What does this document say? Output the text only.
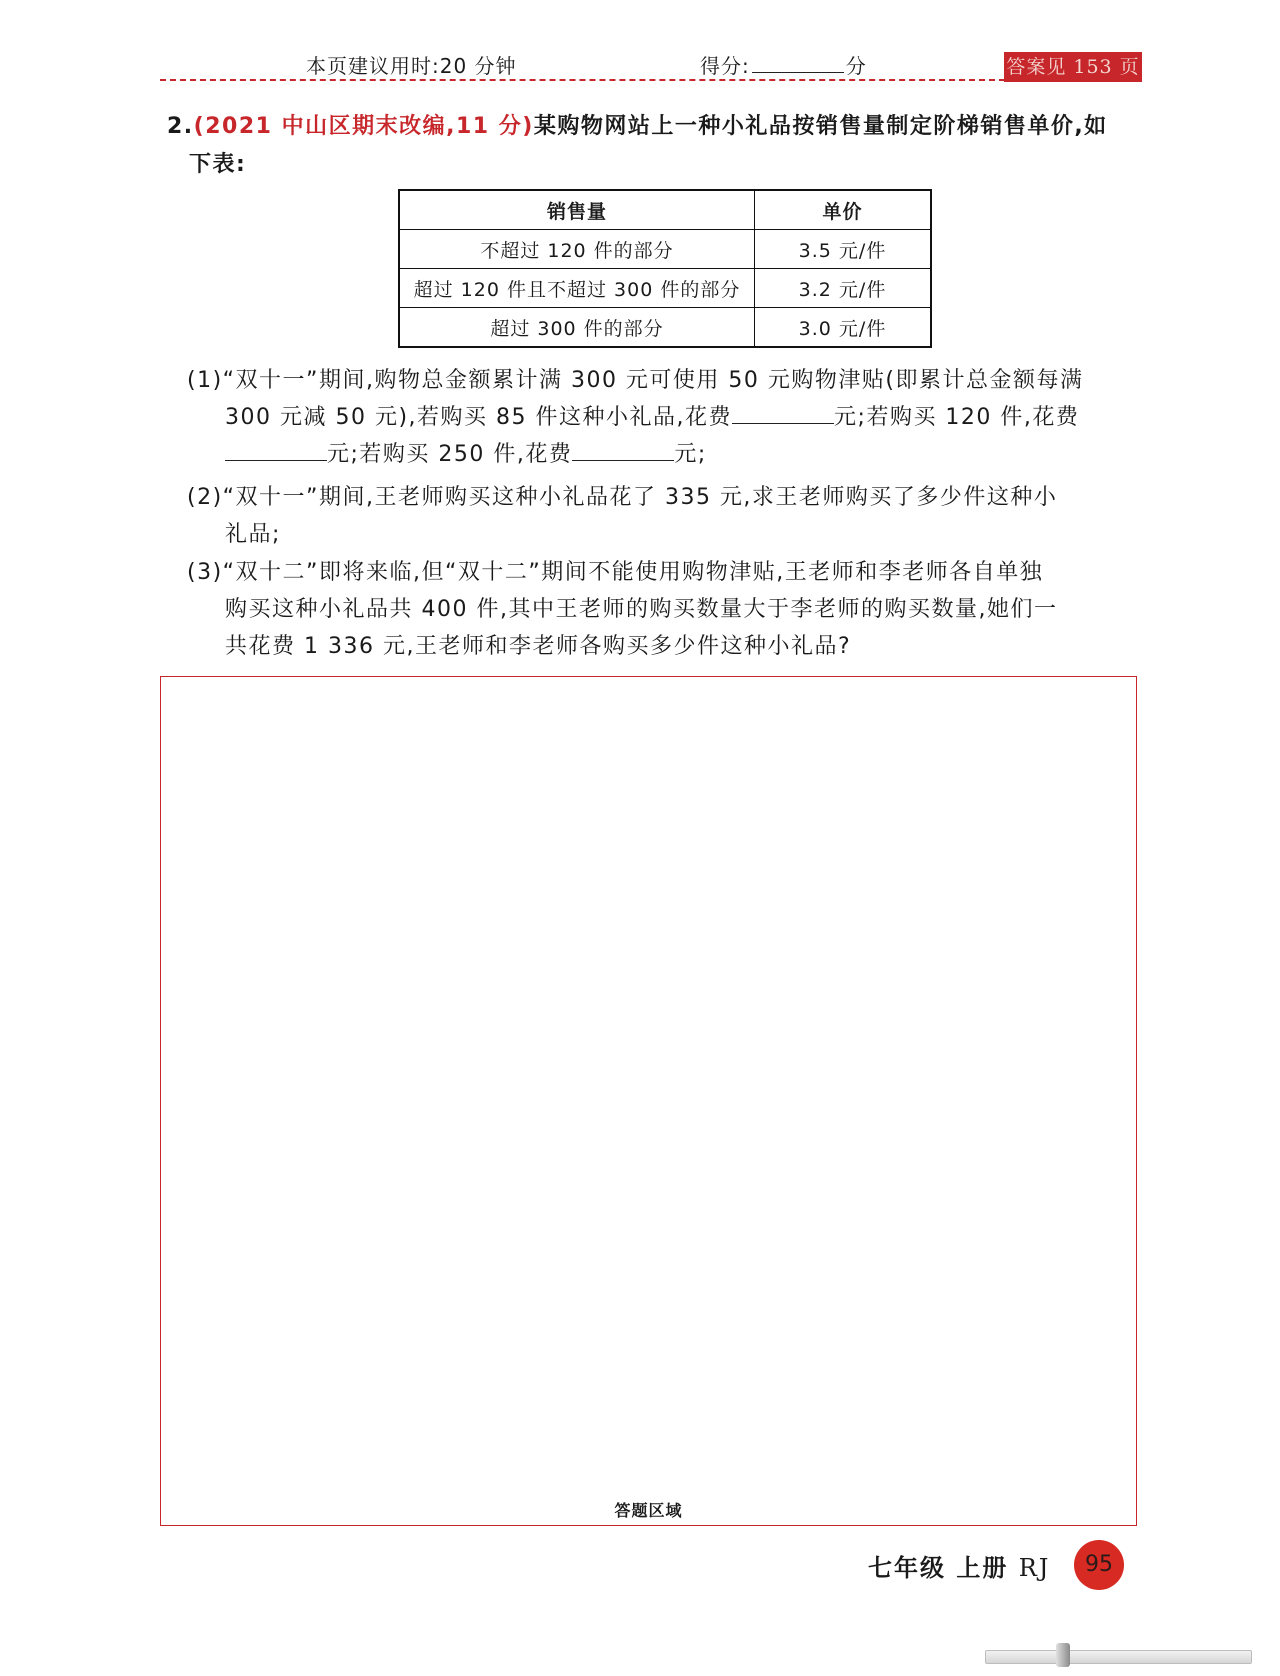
本页建议用时:20 分钟	得分:	分	答案见 153 页
2.(2021 中山区期末改编,11 分)某购物网站上一种小礼品按销售量制定阶梯销售单价,如
下表:
销售量	单价
不超过 120 件的部分	3.5 元/件
超过 120 件且不超过 300 件的部分	3.2 元/件
超过 300 件的部分	3.0 元/件
(1)“双十一”期间,购物总金额累计满 300 元可使用 50 元购物津贴(即累计总金额每满
300 元减 50 元),若购买 85 件这种小礼品,花费	元;若购买 120 件,花费
元;若购买 250 件,花费	元;
(2)“双十一”期间,王老师购买这种小礼品花了 335 元,求王老师购买了多少件这种小
礼品;
(3)“双十二”即将来临,但“双十二”期间不能使用购物津贴,王老师和李老师各自单独
购买这种小礼品共 400 件,其中王老师的购买数量大于李老师的购买数量,她们一
共花费 1 336 元,王老师和李老师各购买多少件这种小礼品?
答题区域
七年级 上册 RJ	95
